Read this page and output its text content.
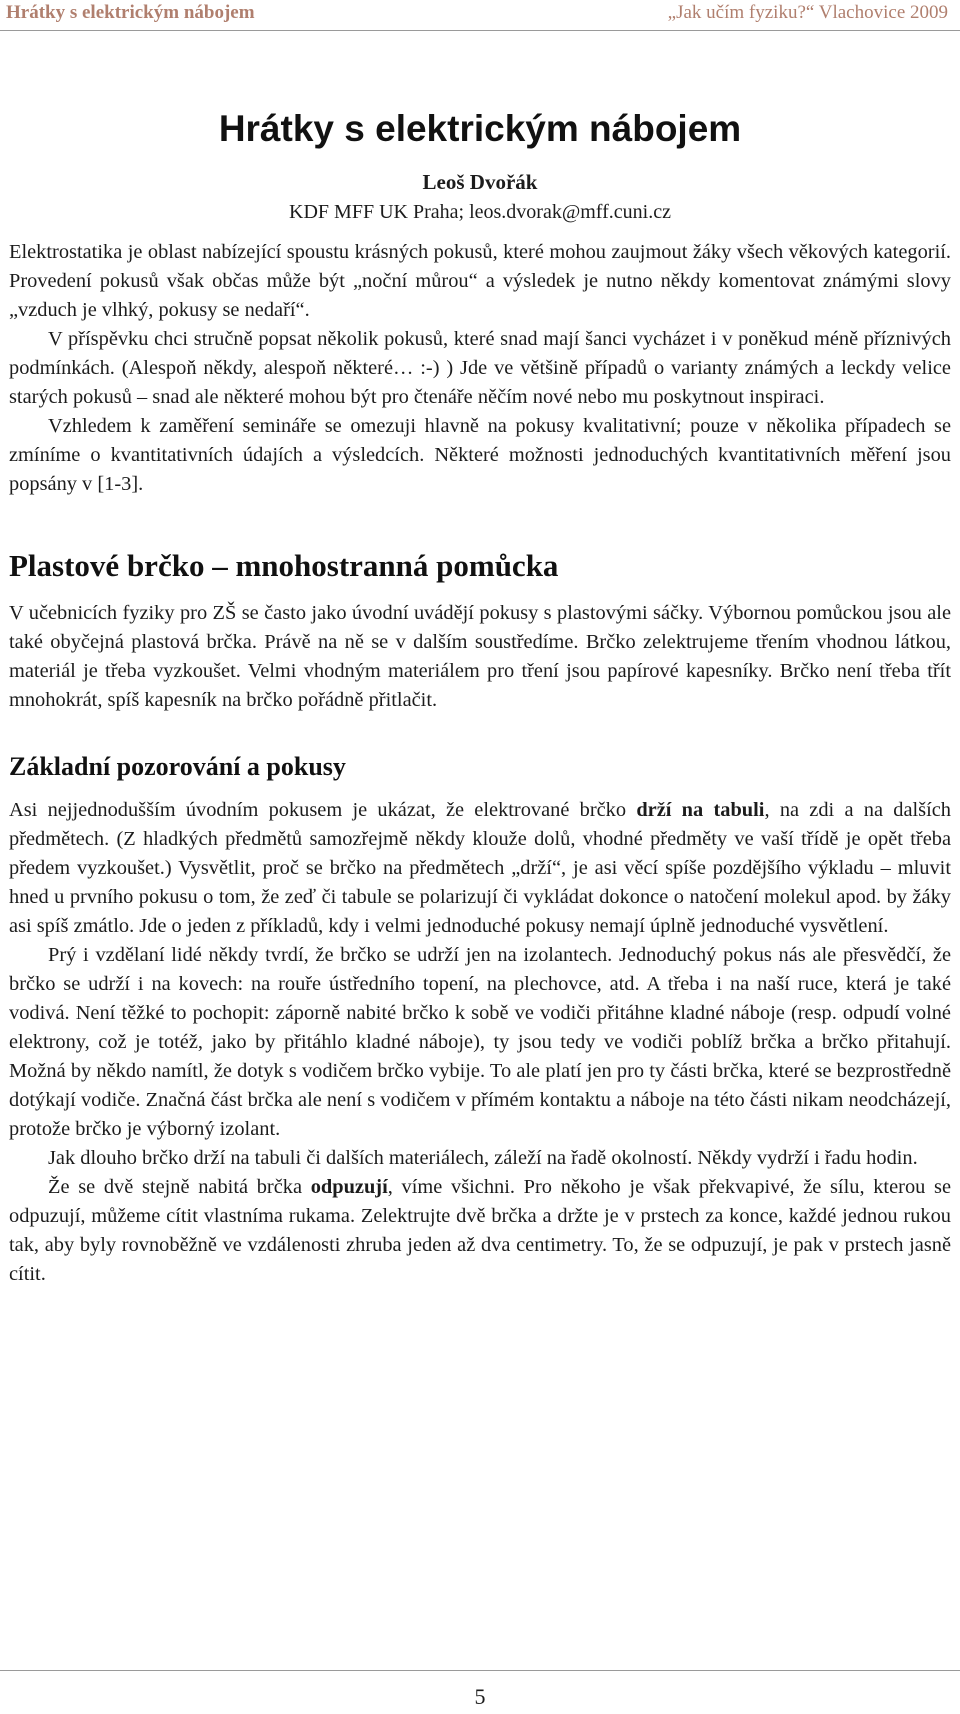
Hrátky s elektrickým nábojem	„Jak učím fyziku?“ Vlachovice 2009
Hrátky s elektrickým nábojem
Leoš Dvořák
KDF MFF UK Praha; leos.dvorak@mff.cuni.cz

Elektrostatika je oblast nabízející spoustu krásných pokusů, které mohou zaujmout žáky všech věkových kategorií. Provedení pokusů však občas může být „noční můrou“ a výsledek je nutno někdy komentovat známými slovy „vzduch je vlhký, pokusy se nedaří“.

V příspěvku chci stručně popsat několik pokusů, které snad mají šanci vycházet i v poněkud méně příznivých podmínkách. (Alespoň někdy, alespoň některé… :-) ) Jde ve většině případů o varianty známých a leckdy velice starých pokusů – snad ale některé mohou být pro čtenáře něčím nové nebo mu poskytnout inspiraci.

Vzhledem k zaměření semináře se omezuji hlavně na pokusy kvalitativní; pouze v několika případech se zmíníme o kvantitativních údajích a výsledcích. Některé možnosti jednoduchých kvantitativních měření jsou popsány v [1-3].

Plastové brčko – mnohostranná pomůcka

V učebnicích fyziky pro ZŠ se často jako úvodní uvádějí pokusy s plastovými sáčky. Výbornou pomůckou jsou ale také obyčejná plastová brčka. Právě na ně se v dalším soustředíme. Brčko zelektrujeme třením vhodnou látkou, materiál je třeba vyzkoušet. Velmi vhodným materiálem pro tření jsou papírové kapesníky. Brčko není třeba třít mnohokrát, spíš kapesník na brčko pořádně přitlačit.

Základní pozorování a pokusy

Asi nejjednodušším úvodním pokusem je ukázat, že elektrované brčko drží na tabuli, na zdi a na dalších předmětech. (Z hladkých předmětů samozřejmě někdy klouže dolů, vhodné předměty ve vaší třídě je opět třeba předem vyzkoušet.) Vysvětlit, proč se brčko na předmětech „drží“, je asi věcí spíše pozdějšího výkladu – mluvit hned u prvního pokusu o tom, že zeď či tabule se polarizují či vykládat dokonce o natočení molekul apod. by žáky asi spíš zmátlo. Jde o jeden z příkladů, kdy i velmi jednoduché pokusy nemají úplně jednoduché vysvětlení.

Prý i vzdělaní lidé někdy tvrdí, že brčko se udrží jen na izolantech. Jednoduchý pokus nás ale přesvědčí, že brčko se udrží i na kovech: na rouře ústředního topení, na plechovce, atd. A třeba i na naší ruce, která je také vodivá. Není těžké to pochopit: záporně nabité brčko k sobě ve vodiči přitáhne kladné náboje (resp. odpudí volné elektrony, což je totéž, jako by přitáhlo kladné náboje), ty jsou tedy ve vodiči poblíž brčka a brčko přitahují. Možná by někdo namítl, že dotyk s vodičem brčko vybije. To ale platí jen pro ty části brčka, které se bezprostředně dotýkají vodiče. Značná část brčka ale není s vodičem v přímém kontaktu a náboje na této části nikam neodcházejí, protože brčko je výborný izolant.

Jak dlouho brčko drží na tabuli či dalších materiálech, záleží na řadě okolností. Někdy vydrží i řadu hodin.

Že se dvě stejně nabitá brčka odpuzují, víme všichni. Pro někoho je však překvapivé, že sílu, kterou se odpuzují, můžeme cítit vlastníma rukama. Zelektrujte dvě brčka a držte je v prstech za konce, každé jednou rukou tak, aby byly rovnoběžně ve vzdálenosti zhruba jeden až dva centimetry. To, že se odpuzují, je pak v prstech jasně cítit.

5
